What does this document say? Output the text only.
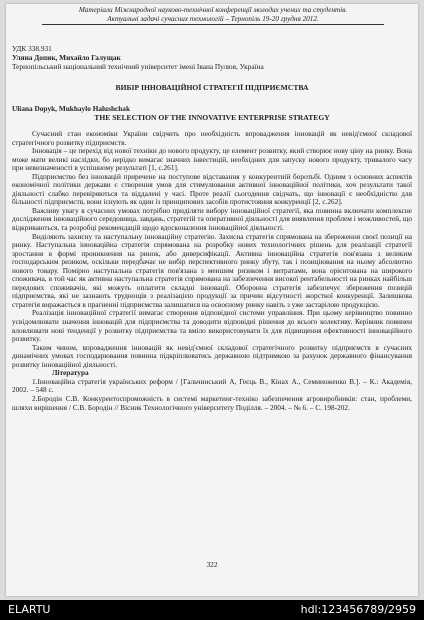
Матеріали Міжнародної науково-технічної конференції молодих учених та студентів.
Актуальні задачі сучасних технологій – Тернопіль 19-20 грудня 2012.
УДК 338.931
Уляна Допик, Михайло Галущак
Тернопільський національний технічний університет імені Івана Пулюя, Україна
ВИБІР ІННОВАЦІЙНОЇ СТРАТЕГІЇ ПІДПРИЄМСТВА
Uliana Dopyk, Mukhaylo Halushchak
THE SELECTION OF THE INNOVATIVE ENTERPRISE STRATEGY

Сучасний стан економіки України свідчить про необхідність впровадження інновацій як невід'ємної складової стратегічного розвитку підприємств.

Інновація – це перехід від нової техніки до нового продукту, це елемент розвитку, який створює нову ціну на ринку. Вона може мати великі наслідки, бо нерідко вимагає значних інвестицій, необхідних для запуску нового продукту, тривалого часу при невизначеності в успішному результаті [1, с.261].

Підприємство без інновацій приречене на поступове відставання у конкурентній боротьбі. Одним з основних аспектів економічної політики держави є створення умов для стимулювання активної інноваційної політики, хоч результати такої діяльності слабко перевіряються та віддалені у часі. Проте реалії сьогодення свідчать, що інновації є необхідністю для більшості підприємств, вони існують як один із принципових засобів протистояння конкуренції [2, с.262].

Важливу увагу в сучасних умовах потрібно приділяти вибору інноваційної стратегії, яка повинна включати комплексне дослідження інноваційного середовища, завдань, стратегій та оперативної діяльності для виявлення проблем і можливостей, що відкриваються, та розробці рекомендацій щодо вдосконалення інноваційної діяльності.

Виділяють захисну та наступальну інноваційну стратегію. Захисна стратегія спрямована на збереження своєї позиції на ринку. Наступальна інноваційна стратегія спрямована на розробку нових технологічних рішень для реалізації стратегії зростання в формі проникнення на ринок, або диверсифікації. Активна інноваційна стратегія пов'язана з великим господарським ризиком, оскільки передбачає не вибір перспективного ринку збуту, так і позиціювання на ньому абсолютно нового товару. Помірно наступальна стратегія пов'язана з меншим ризиком і витратами, вона орієнтована на широкого споживача, в той час як активна наступальна стратегія спрямована на забезпечення високої рентабельності на ринках найбільш передових споживачів, які можуть оплатити складні інновації. Оборонна стратегія забезпечує збереження позицій підприємства, які не зазнають труднощів з реалізацією продукції за причин відсутності жорсткої конкуренції. Залишкова стратегія виражається в прагненні підприємства залишатися на освоєному ринку навіть з уже застарілою продукцією.

Реалізація інноваційної стратегії вимагає створення відповідної системи управління. При цьому керівництво повинно усвідомлювати значення інновацій для підприємства та доводити відповідні рішення до всього колективу. Керівник повинен вловлювати нові тенденції у розвитку підприємства та вміло використовувати їх для підвищення ефективності інноваційного розвитку.

Таким чином, впровадження інновацій як невід'ємної складової стратегічного розвитку підприємств в сучасних динамічних умовах господарювання повинна підкріплюватись державною підтримкою за рахунок державного фінансування розвитку інноваційної діяльності.

Література

1.Інноваційна стратегія українських реформ / [Гальчинський А, Геєць В., Кінах А., Семиноженко В.]. – К.: Академія, 2002. – 548 с.

2.Бородін С.В. Конкурентоспроможність в системі маркетинг-техніко забезпечення агровиробників: стан, проблеми, шляхи вирішення / С.В. Бородін // Вісник Технологічного університету Поділля. – 2004. – № 6. – С. 198-202.

322
ELARTU	hdl:123456789/2959
